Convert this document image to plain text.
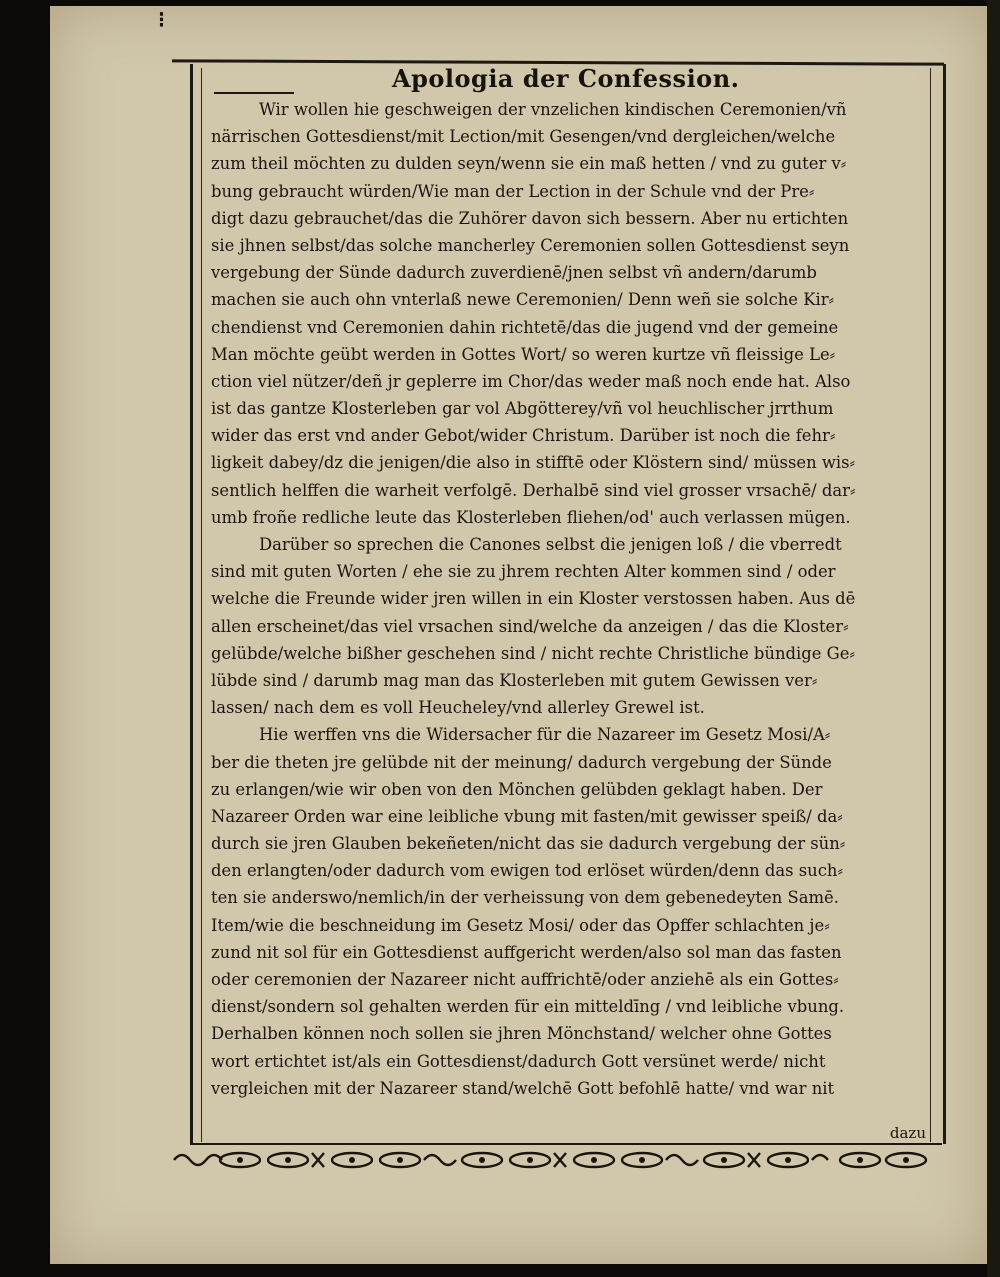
⁝
Apologia der Confession.
Wir wollen hie geschweigen der vnzelichen kindischen Ceremonien/vñ
närrischen Gottesdienst/mit Lection/mit Gesengen/vnd dergleichen/welche
zum theil möchten zu dulden seyn/wenn sie ein maß hetten / vnd zu guter v⸗
bung gebraucht würden/Wie man der Lection in der Schule vnd der Pre⸗
digt dazu gebrauchet/das die Zuhörer davon sich bessern. Aber nu ertichten
sie jhnen selbst/das solche mancherley Ceremonien sollen Gottesdienst seyn
vergebung der Sünde dadurch zuverdienē/jnen selbst vñ andern/darumb
machen sie auch ohn vnterlaß newe Ceremonien/ Denn weñ sie solche Kir⸗
chendienst vnd Ceremonien dahin richtetē/das die jugend vnd der gemeine
Man möchte geübt werden in Gottes Wort/ so weren kurtze vñ fleissige Le⸗
ction viel nützer/deñ jr geplerre im Chor/das weder maß noch ende hat. Also
ist das gantze Klosterleben gar vol Abgötterey/vñ vol heuchlischer jrrthum
wider das erst vnd ander Gebot/wider Christum. Darüber ist noch die fehr⸗
ligkeit dabey/dz die jenigen/die also in stifftē oder Klöstern sind/ müssen wis⸗
sentlich helffen die warheit verfolgē. Derhalbē sind viel grosser vrsachē/ dar⸗
umb froñe redliche leute das Klosterleben fliehen/od' auch verlassen mügen.
Darüber so sprechen die Canones selbst die jenigen loß / die vberredt
sind mit guten Worten / ehe sie zu jhrem rechten Alter kommen sind / oder
welche die Freunde wider jren willen in ein Kloster verstossen haben. Aus dē
allen erscheinet/das viel vrsachen sind/welche da anzeigen / das die Kloster⸗
gelübde/welche bißher geschehen sind / nicht rechte Christliche bündige Ge⸗
lübde sind / darumb mag man das Klosterleben mit gutem Gewissen ver⸗
lassen/ nach dem es voll Heucheley/vnd allerley Grewel ist.
Hie werffen vns die Widersacher für die Nazareer im Gesetz Mosi/A⸗
ber die theten jre gelübde nit der meinung/ dadurch vergebung der Sünde
zu erlangen/wie wir oben von den Mönchen gelübden geklagt haben. Der
Nazareer Orden war eine leibliche vbung mit fasten/mit gewisser speiß/ da⸗
durch sie jren Glauben bekeñeten/nicht das sie dadurch vergebung der sün⸗
den erlangten/oder dadurch vom ewigen tod erlöset würden/denn das such⸗
ten sie anderswo/nemlich/in der verheissung von dem gebenedeyten Samē.
Item/wie die beschneidung im Gesetz Mosi/ oder das Opffer schlachten je⸗
zund nit sol für ein Gottesdienst auffgericht werden/also sol man das fasten
oder ceremonien der Nazareer nicht auffrichtē/oder anziehē als ein Gottes⸗
dienst/sondern sol gehalten werden für ein mitteldīng / vnd leibliche vbung.
Derhalben können noch sollen sie jhren Mönchstand/ welcher ohne Gottes
wort ertichtet ist/als ein Gottesdienst/dadurch Gott versünet werde/ nicht
vergleichen mit der Nazareer stand/welchē Gott befohlē hatte/ vnd war nit
dazu
